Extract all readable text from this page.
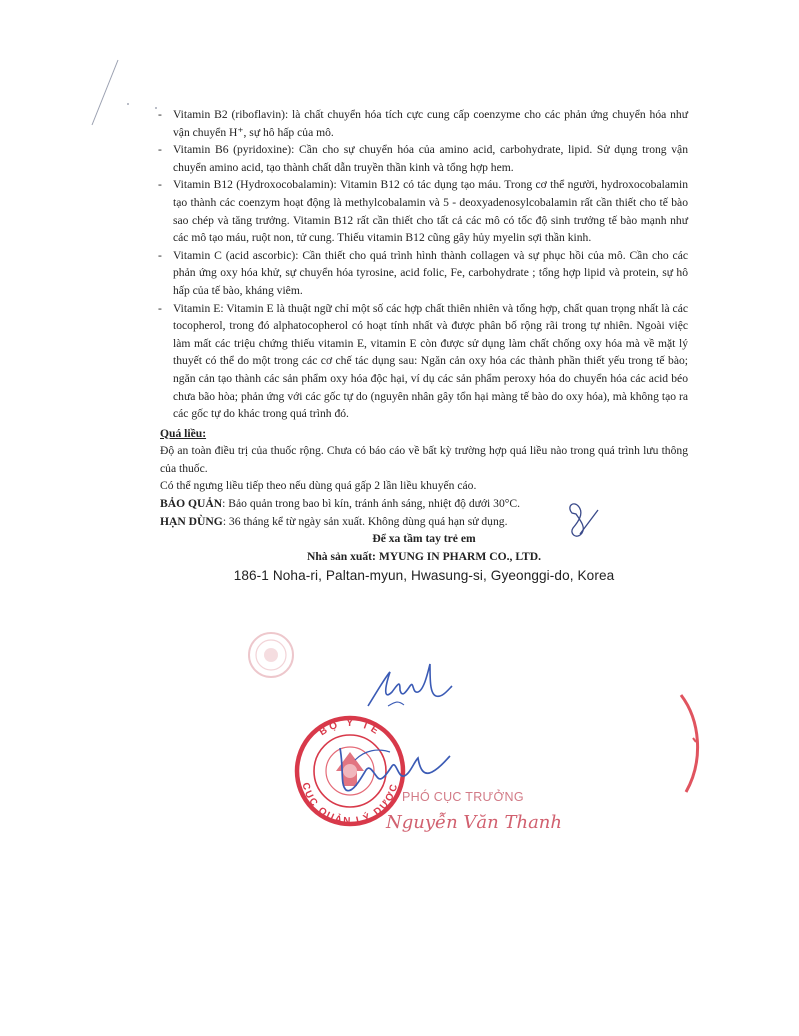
- Vitamin B2 (riboflavin): là chất chuyển hóa tích cực cung cấp coenzyme cho các phản ứng chuyển hóa như vận chuyển H⁺, sự hô hấp của mô.
- Vitamin B6 (pyridoxine): Cần cho sự chuyển hóa của amino acid, carbohydrate, lipid. Sử dụng trong vận chuyển amino acid, tạo thành chất dẫn truyền thần kinh và tổng hợp hem.
- Vitamin B12 (Hydroxocobalamin): Vitamin B12 có tác dụng tạo máu. Trong cơ thể người, hydroxocobalamin tạo thành các coenzym hoạt động là methylcobalamin và 5 - deoxyadenosylcobalamin rất cần thiết cho tế bào sao chép và tăng trưởng. Vitamin B12 rất cần thiết cho tất cả các mô có tốc độ sinh trưởng tế bào mạnh như các mô tạo máu, ruột non, tử cung. Thiếu vitamin B12 cũng gây hủy myelin sợi thần kinh.
- Vitamin C (acid ascorbic): Cần thiết cho quá trình hình thành collagen và sự phục hồi của mô. Cần cho các phản ứng oxy hóa khử, sự chuyển hóa tyrosine, acid folic, Fe, carbohydrate ; tổng hợp lipid và protein, sự hô hấp của tế bào, kháng viêm.
- Vitamin E: Vitamin E là thuật ngữ chỉ một số các hợp chất thiên nhiên và tổng hợp, chất quan trọng nhất là các tocopherol, trong đó alphatocopherol có hoạt tính nhất và được phân bố rộng rãi trong tự nhiên. Ngoài việc làm mất các triệu chứng thiếu vitamin E, vitamin E còn được sử dụng làm chất chống oxy hóa mà về mặt lý thuyết có thể do một trong các cơ chế tác dụng sau: Ngăn cản oxy hóa các thành phần thiết yếu trong tế bào; ngăn cản tạo thành các sản phẩm oxy hóa độc hại, ví dụ các sản phẩm peroxy hóa do chuyển hóa các acid béo chưa bão hòa; phản ứng với các gốc tự do (nguyên nhân gây tổn hại màng tế bào do oxy hóa), mà không tạo ra các gốc tự do khác trong quá trình đó.
Quá liều:

Độ an toàn điều trị của thuốc rộng. Chưa có báo cáo về bất kỳ trường hợp quá liều nào trong quá trình lưu thông của thuốc.

Có thể ngưng liều tiếp theo nếu dùng quá gấp 2 lần liều khuyến cáo.

BẢO QUẢN: Bảo quản trong bao bì kín, tránh ánh sáng, nhiệt độ dưới 30°C.

HẠN DÙNG: 36 tháng kể từ ngày sản xuất. Không dùng quá hạn sử dụng.

Để xa tầm tay trẻ em

Nhà sản xuất: MYUNG IN PHARM CO., LTD.

186-1 Noha-ri, Paltan-myun, Hwasung-si, Gyeonggi-do, Korea
BỘ Y TẾ
CỤC QUẢN LÝ DƯỢC
PHÓ CỤC TRƯỞNG
Nguyễn Văn Thanh
